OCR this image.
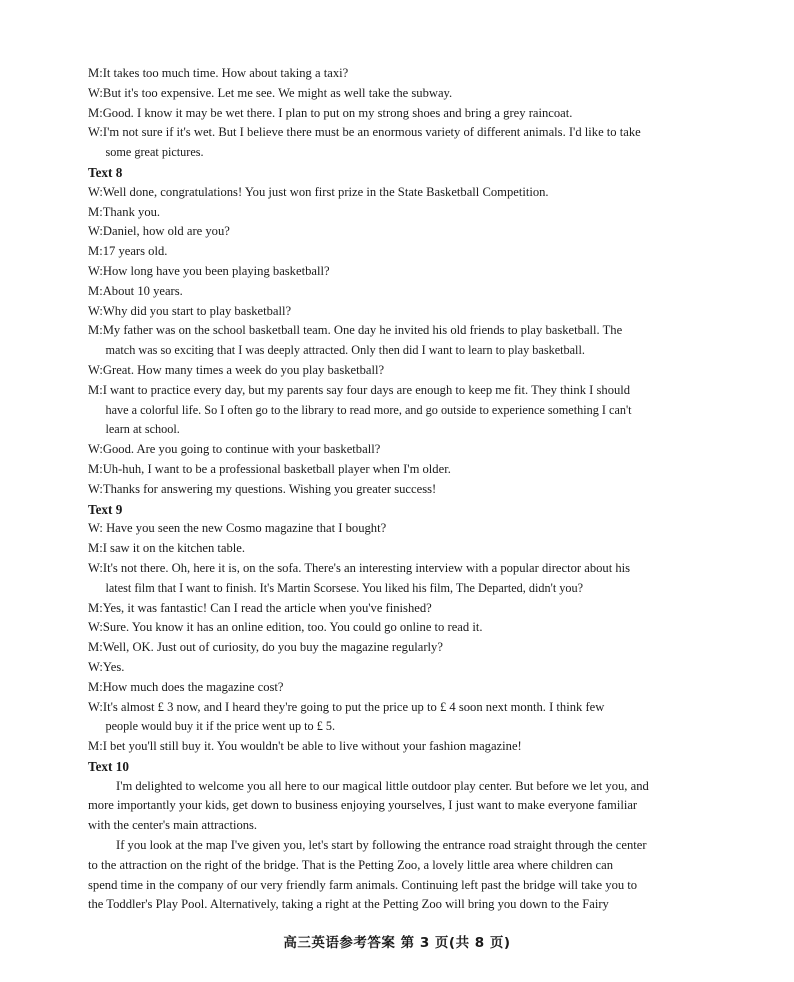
M:It takes too much time. How about taking a taxi?
W:But it's too expensive. Let me see. We might as well take the subway.
M:Good. I know it may be wet there. I plan to put on my strong shoes and bring a grey raincoat.
W:I'm not sure if it's wet. But I believe there must be an enormous variety of different animals. I'd like to take
some great pictures.
Text 8
W:Well done, congratulations! You just won first prize in the State Basketball Competition.
M:Thank you.
W:Daniel, how old are you?
M:17 years old.
W:How long have you been playing basketball?
M:About 10 years.
W:Why did you start to play basketball?
M:My father was on the school basketball team. One day he invited his old friends to play basketball. The
match was so exciting that I was deeply attracted. Only then did I want to learn to play basketball.
W:Great. How many times a week do you play basketball?
M:I want to practice every day, but my parents say four days are enough to keep me fit. They think I should
have a colorful life. So I often go to the library to read more, and go outside to experience something I can't
learn at school.
W:Good. Are you going to continue with your basketball?
M:Uh-huh, I want to be a professional basketball player when I'm older.
W:Thanks for answering my questions. Wishing you greater success!
Text 9
W: Have you seen the new Cosmo magazine that I bought?
M:I saw it on the kitchen table.
W:It's not there. Oh, here it is, on the sofa. There's an interesting interview with a popular director about his
latest film that I want to finish. It's Martin Scorsese. You liked his film, The Departed, didn't you?
M:Yes, it was fantastic! Can I read the article when you've finished?
W:Sure. You know it has an online edition, too. You could go online to read it.
M:Well, OK. Just out of curiosity, do you buy the magazine regularly?
W:Yes.
M:How much does the magazine cost?
W:It's almost £ 3 now, and I heard they're going to put the price up to £ 4 soon next month. I think few
people would buy it if the price went up to £ 5.
M:I bet you'll still buy it. You wouldn't be able to live without your fashion magazine!
Text 10
I'm delighted to welcome you all here to our magical little outdoor play center. But before we let you, and
more importantly your kids, get down to business enjoying yourselves, I just want to make everyone familiar
with the center's main attractions.
If you look at the map I've given you, let's start by following the entrance road straight through the center
to the attraction on the right of the bridge. That is the Petting Zoo, a lovely little area where children can
spend time in the company of our very friendly farm animals. Continuing left past the bridge will take you to
the Toddler's Play Pool. Alternatively, taking a right at the Petting Zoo will bring you down to the Fairy
高三英语参考答案 第 3 页(共 8 页)
